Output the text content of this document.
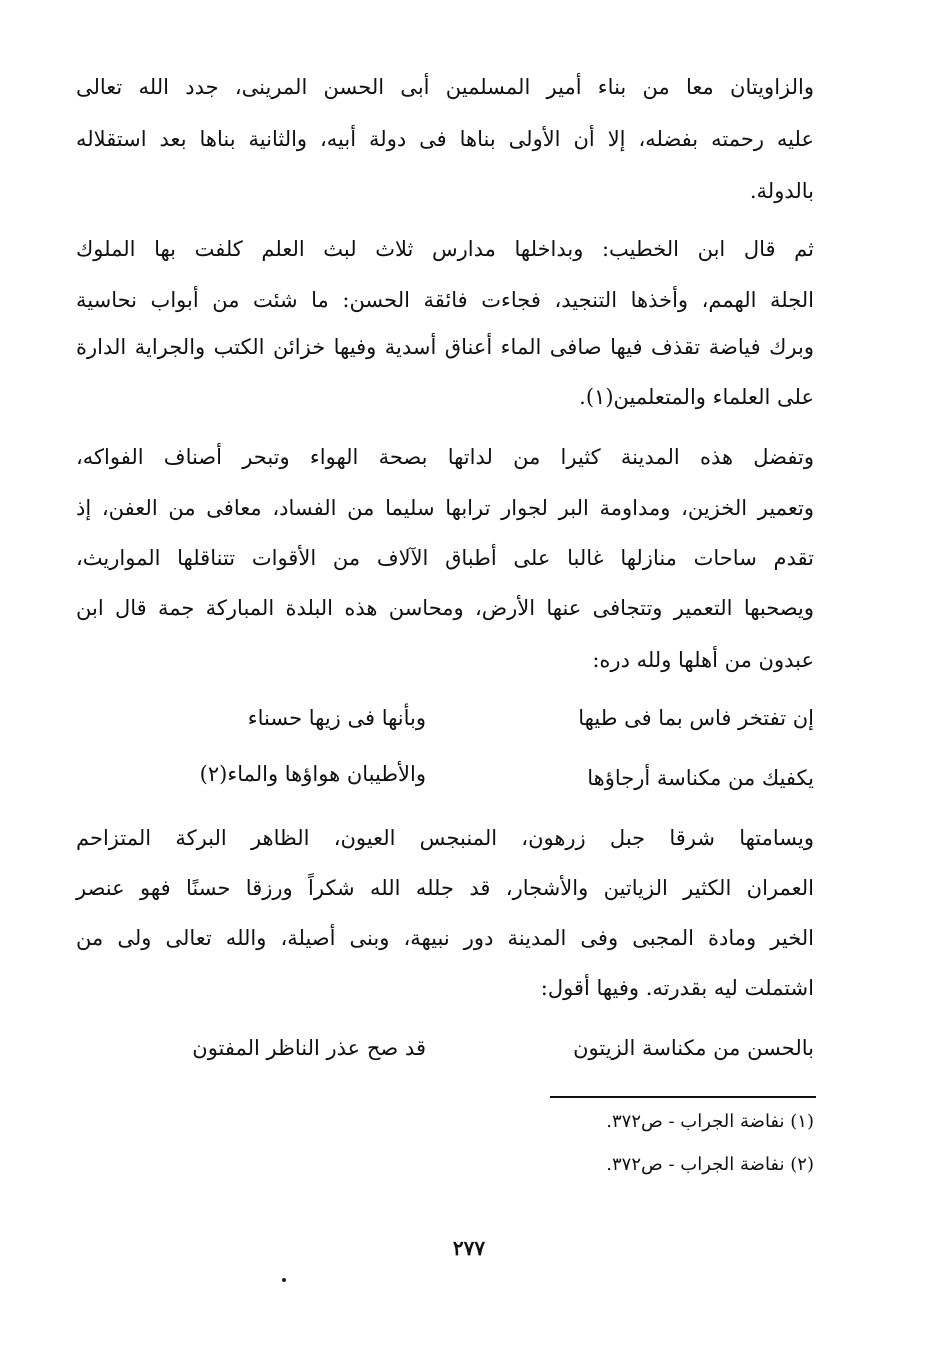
والزاويتان معا من بناء أمير المسلمين أبى الحسن المرينى، جدد الله تعالى
عليه رحمته بفضله، إلا أن الأولى بناها فى دولة أبيه، والثانية بناها بعد استقلاله
بالدولة.
ثم قال ابن الخطيب: وبداخلها مدارس ثلاث لبث العلم كلفت بها الملوك
الجلة الهمم، وأخذها التنجيد، فجاءت فائقة الحسن: ما شئت من أبواب نحاسية
وبرك فياضة تقذف فيها صافى الماء أعناق أسدية وفيها خزائن الكتب والجراية الدارة
على العلماء والمتعلمين(١).
وتفضل هذه المدينة كثيرا من لداتها بصحة الهواء وتبحر أصناف الفواكه،
وتعمير الخزين، ومداومة البر لجوار ترابها سليما من الفساد، معافى من العفن، إذ
تقدم ساحات منازلها غالبا على أطباق الآلاف من الأقوات تتناقلها المواريث،
ويصحبها التعمير وتتجافى عنها الأرض، ومحاسن هذه البلدة المباركة جمة قال ابن
عبدون من أهلها ولله دره:
إن تفتخر فاس بما فى طيها
وبأنها فى زيها حسناء
يكفيك من مكناسة أرجاؤها
والأطيبان هواؤها والماء(٢)
ويسامتها شرقا جبل زرهون، المنبجس العيون، الظاهر البركة المتزاحم
العمران الكثير الزياتين والأشجار، قد جلله الله شكراً ورزقا حسنًا فهو عنصر
الخير ومادة المجبى وفى المدينة دور نبيهة، وبنى أصيلة، والله تعالى ولى من
اشتملت ليه بقدرته. وفيها أقول:
بالحسن من مكناسة الزيتون
قد صح عذر الناظر المفتون
(١) نفاضة الجراب - ص٣٧٢.
(٢) نفاضة الجراب - ص٣٧٢.
٢٧٧
